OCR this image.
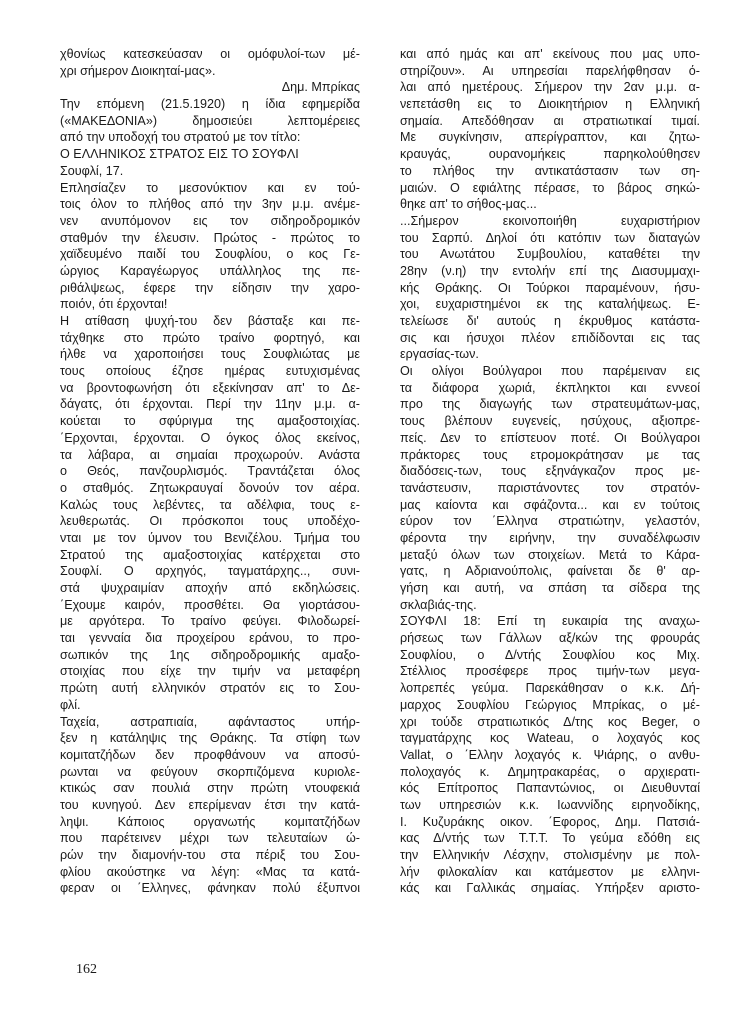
χθονίως κατεσκεύασαν οι ομόφυλοί-των μέ-
χρι σήμερον Διοικηταί-μας».
Δημ. Μπρίκας
Την επόμενη (21.5.1920) η ίδια εφημερίδα
(«ΜΑΚΕΔΟΝΙΑ») δημοσιεύει λεπτομέρειες
από την υποδοχή του στρατού με τον τίτλο:
Ο ΕΛΛΗΝΙΚΟΣ ΣΤΡΑΤΟΣ ΕΙΣ ΤΟ ΣΟΥΦΛΙ
Σουφλί, 17.
Επλησίαζεν το μεσονύκτιον και εν τού-
τοις όλον το πλήθος από την 3ην μ.μ. ανέμε-
νεν ανυπόμονον εις τον σιδηροδρομικόν
σταθμόν την έλευσιν. Πρώτος - πρώτος το
χαϊδευμένο παιδί του Σουφλίου, ο κος Γε-
ώργιος Καραγέωργος υπάλληλος της πε-
ριθάλψεως, έφερε την είδησιν την χαρο-
ποιόν, ότι έρχονται!
Η ατίθαση ψυχή-του δεν βάσταξε και πε-
τάχθηκε στο πρώτο τραίνο φορτηγό, και
ήλθε να χαροποιήσει τους Σουφλιώτας με
τους οποίους έζησε ημέρας ευτυχισμένας
να βροντοφωνήση ότι εξεκίνησαν απ' το Δε-
δάγατς, ότι έρχονται. Περί την 11ην μ.μ. α-
κούεται το σφύριγμα της αμαξοστοιχίας.
΄Ερχονται, έρχονται. Ο όγκος όλος εκείνος,
τα λάβαρα, αι σημαίαι προχωρούν. Ανάστα
ο Θεός, πανζουρλισμός. Τραντάζεται όλος
ο σταθμός. Ζητωκραυγαί δονούν τον αέρα.
Καλώς τους λεβέντες, τα αδέλφια, τους ε-
λευθερωτάς. Οι πρόσκοποι τους υποδέχο-
νται με τον ύμνον του Βενιζέλου. Τμήμα του
Στρατού της αμαξοστοιχίας κατέρχεται στο
Σουφλί. Ο αρχηγός, ταγματάρχης.., συνι-
στά ψυχραιμίαν αποχήν από εκδηλώσεις.
΄Εχουμε καιρόν, προσθέτει. Θα γιορτάσου-
με αργότερα. Το τραίνο φεύγει. Φιλοδωρεί-
ται γενναία δια προχείρου εράνου, το προ-
σωπικόν της 1ης σιδηροδρομικής αμαξο-
στοιχίας που είχε την τιμήν να μεταφέρη
πρώτη αυτή ελληνικόν στρατόν εις το Σου-
φλί.
Ταχεία, αστραπιαία, αφάνταστος υπήρ-
ξεν η κατάληψις της Θράκης. Τα στίφη των
κομιτατζήδων δεν προφθάνουν να αποσύ-
ρωνται να φεύγουν σκορπιζόμενα κυριολε-
κτικώς σαν πουλιά στην πρώτη ντουφεκιά
του κυνηγού. Δεν επερίμεναν έτσι την κατά-
ληψι. Κάποιος οργανωτής κομιτατζήδων
που παρέτεινεν μέχρι των τελευταίων ώ-
ρών την διαμονήν-του στα πέριξ του Σου-
φλίου ακούστηκε να λέγη: «Μας τα κατά-
φεραν οι ΄Ελληνες, φάνηκαν πολύ έξυπνοι
και από ημάς και απ' εκείνους που μας υπο-
στηρίζουν». Αι υπηρεσίαι παρελήφθησαν ό-
λαι από ημετέρους. Σήμερον την 2αν μ.μ. α-
νεπετάσθη εις το Διοικητήριον η Ελληνική
σημαία. Απεδόθησαν αι στρατιωτικαί τιμαί.
Με συγκίνησιν, απερίγραπτον, και ζητω-
κραυγάς, ουρανομήκεις παρηκολούθησεν
το πλήθος την αντικατάστασιν των ση-
μαιών. Ο εφιάλτης πέρασε, το βάρος σηκώ-
θηκε απ' το σήθος-μας...
...Σήμερον εκοινοποιήθη ευχαριστήριον
του Σαρπύ. Δηλοί ότι κατόπιν των διαταγών
του Ανωτάτου Συμβουλίου, καταθέτει την
28ην (ν.η) την εντολήν επί της Διασυμμαχι-
κής Θράκης. Οι Τούρκοι παραμένουν, ήσυ-
χοι, ευχαριστημένοι εκ της καταλήψεως. Ε-
τελείωσε δι' αυτούς η έκρυθμος κατάστα-
σις και ήσυχοι πλέον επιδίδονται εις τας
εργασίας-των.
Οι ολίγοι Βούλγαροι που παρέμειναν εις
τα διάφορα χωριά, έκπληκτοι και εννεοί
προ της διαγωγής των στρατευμάτων-μας,
τους βλέπουν ευγενείς, ησύχους, αξιοπρε-
πείς. Δεν το επίστευον ποτέ. Οι Βούλγαροι
πράκτορες τους ετρομοκράτησαν με τας
διαδόσεις-των, τους εξηνάγκαζον προς με-
τανάστευσιν, παριστάνοντες τον στρατόν-
μας καίοντα και σφάζοντα... και εν τούτοις
εύρον τον ΄Ελληνα στρατιώτην, γελαστόν,
φέροντα την ειρήνην, την συναδέλφωσιν
μεταξύ όλων των στοιχείων. Μετά το Κάρα-
γατς, η Αδριανούπολις, φαίνεται δε θ' αρ-
γήση και αυτή, να σπάση τα σίδερα της
σκλαβιάς-της.
ΣΟΥΦΛΙ 18: Επί τη ευκαιρία της αναχω-
ρήσεως των Γάλλων αξ/κών της φρουράς
Σουφλίου, ο Δ/ντής Σουφλίου κος Μιχ.
Στέλλιος προσέφερε προς τιμήν-των μεγα-
λοπρεπές γεύμα. Παρεκάθησαν ο κ.κ. Δή-
μαρχος Σουφλίου Γεώργιος Μπρίκας, ο μέ-
χρι τούδε στρατιωτικός Δ/της κος Beger, ο
ταγματάρχης κος Wateau, ο λοχαγός κος
Vallat, ο ΄Ελλην λοχαγός κ. Ψιάρης, ο ανθυ-
πολοχαγός κ. Δημητρακαρέας, ο αρχιερατι-
κός Επίτροπος Παπαντώνιος, οι Διευθυνταί
των υπηρεσιών κ.κ. Ιωαννίδης ειρηνοδίκης,
Ι. Κυζυράκης οικον. ΄Εφορος, Δημ. Πατσιά-
κας Δ/ντής των Τ.Τ.Τ. Το γεύμα εδόθη εις
την Ελληνικήν Λέσχην, στολισμένην με πολ-
λήν φιλοκαλίαν και κατάμεστον με ελληνι-
κάς και Γαλλικάς σημαίας. Υπήρξεν αριστο-
162
